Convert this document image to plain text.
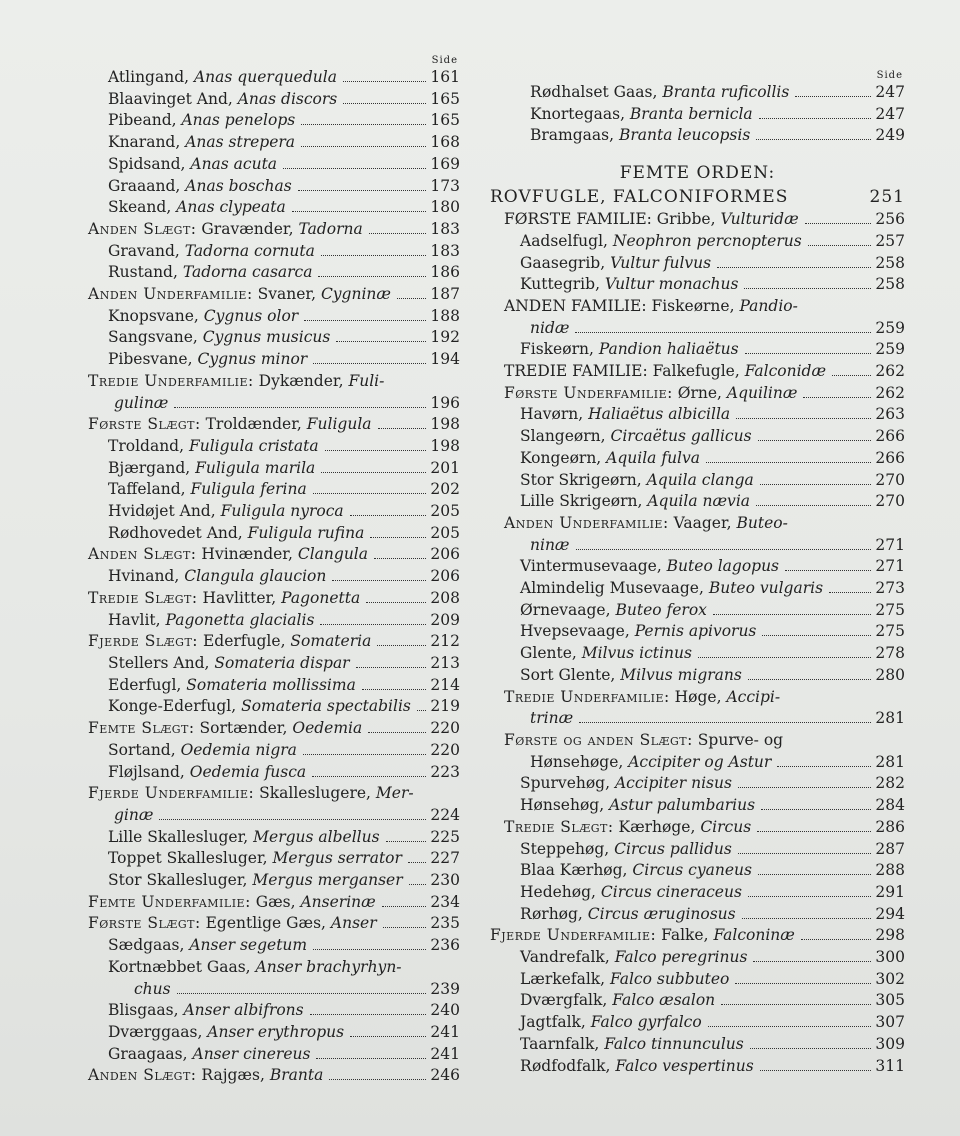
Side
Atlingand, Anas querquedula	161
Blaavinget And, Anas discors	165
Pibeand, Anas penelops	165
Knarand, Anas strepera	168
Spidsand, Anas acuta	169
Graaand, Anas boschas	173
Skeand, Anas clypeata	180
Anden Slægt: Gravænder, Tadorna	183
Gravand, Tadorna cornuta	183
Rustand, Tadorna casarca	186
Anden Underfamilie: Svaner, Cygninæ	187
Knopsvane, Cygnus olor	188
Sangsvane, Cygnus musicus	192
Pibesvane, Cygnus minor	194
Tredie Underfamilie: Dykænder, Fuli-
gulinæ	196
Første Slægt: Troldænder, Fuligula	198
Troldand, Fuligula cristata	198
Bjærgand, Fuligula marila	201
Taffeland, Fuligula ferina	202
Hvidøjet And, Fuligula nyroca	205
Rødhovedet And, Fuligula rufina	205
Anden Slægt: Hvinænder, Clangula	206
Hvinand, Clangula glaucion	206
Tredie Slægt: Havlitter, Pagonetta	208
Havlit, Pagonetta glacialis	209
Fjerde Slægt: Ederfugle, Somateria	212
Stellers And, Somateria dispar	213
Ederfugl, Somateria mollissima	214
Konge-Ederfugl, Somateria spectabilis 219
Femte Slægt: Sortænder, Oedemia	220
Sortand, Oedemia nigra	220
Fløjlsand, Oedemia fusca	223
Fjerde Underfamilie: Skalleslugere, Mer-
ginæ	224
Lille Skallesluger, Mergus albellus	225
Toppet Skallesluger, Mergus serrator 227
Stor Skallesluger, Mergus merganser 230
Femte Underfamilie: Gæs, Anserinæ	234
Første Slægt: Egentlige Gæs, Anser	235
Sædgaas, Anser segetum	236
Kortnæbbet Gaas, Anser brachyrhyn-
chus	239
Blisgaas, Anser albifrons	240
Dværggaas, Anser erythropus	241
Graagaas, Anser cinereus	241
Anden Slægt: Rajgæs, Branta	246
Side
Rødhalset Gaas, Branta ruficollis	247
Knortegaas, Branta bernicla	247
Bramgaas, Branta leucopsis	249
FEMTE ORDEN:
ROVFUGLE, FALCONIFORMES	251
FØRSTE FAMILIE: Gribbe, Vulturidæ	256
Aadselfugl, Neophron percnopterus	257
Gaasegrib, Vultur fulvus	258
Kuttegrib, Vultur monachus	258
ANDEN FAMILIE: Fiskeørne, Pandio-
nidæ	259
Fiskeørn, Pandion haliaëtus	259
TREDIE FAMILIE: Falkefugle, Falconidæ	262
Første Underfamilie: Ørne, Aquilinæ	262
Havørn, Haliaëtus albicilla	263
Slangeørn, Circaëtus gallicus	266
Kongeørn, Aquila fulva	266
Stor Skrigeørn, Aquila clanga	270
Lille Skrigeørn, Aquila nævia	270
Anden Underfamilie: Vaager, Buteo-
ninæ	271
Vintermusevaage, Buteo lagopus	271
Almindelig Musevaage, Buteo vulgaris	273
Ørnevaage, Buteo ferox	275
Hvepsevaage, Pernis apivorus	275
Glente, Milvus ictinus	278
Sort Glente, Milvus migrans	280
Tredie Underfamilie: Høge, Accipi-
trinæ	281
Første og anden Slægt: Spurve- og
Hønsehøge, Accipiter og Astur	281
Spurvehøg, Accipiter nisus	282
Hønsehøg, Astur palumbarius	284
Tredie Slægt: Kærhøge, Circus	286
Steppehøg, Circus pallidus	287
Blaa Kærhøg, Circus cyaneus	288
Hedehøg, Circus cineraceus	291
Rørhøg, Circus æruginosus	294
Fjerde Underfamilie: Falke, Falconinæ	298
Vandrefalk, Falco peregrinus	300
Lærkefalk, Falco subbuteo	302
Dværgfalk, Falco æsalon	305
Jagtfalk, Falco gyrfalco	307
Taarnfalk, Falco tinnunculus	309
Rødfodfalk, Falco vespertinus	311
